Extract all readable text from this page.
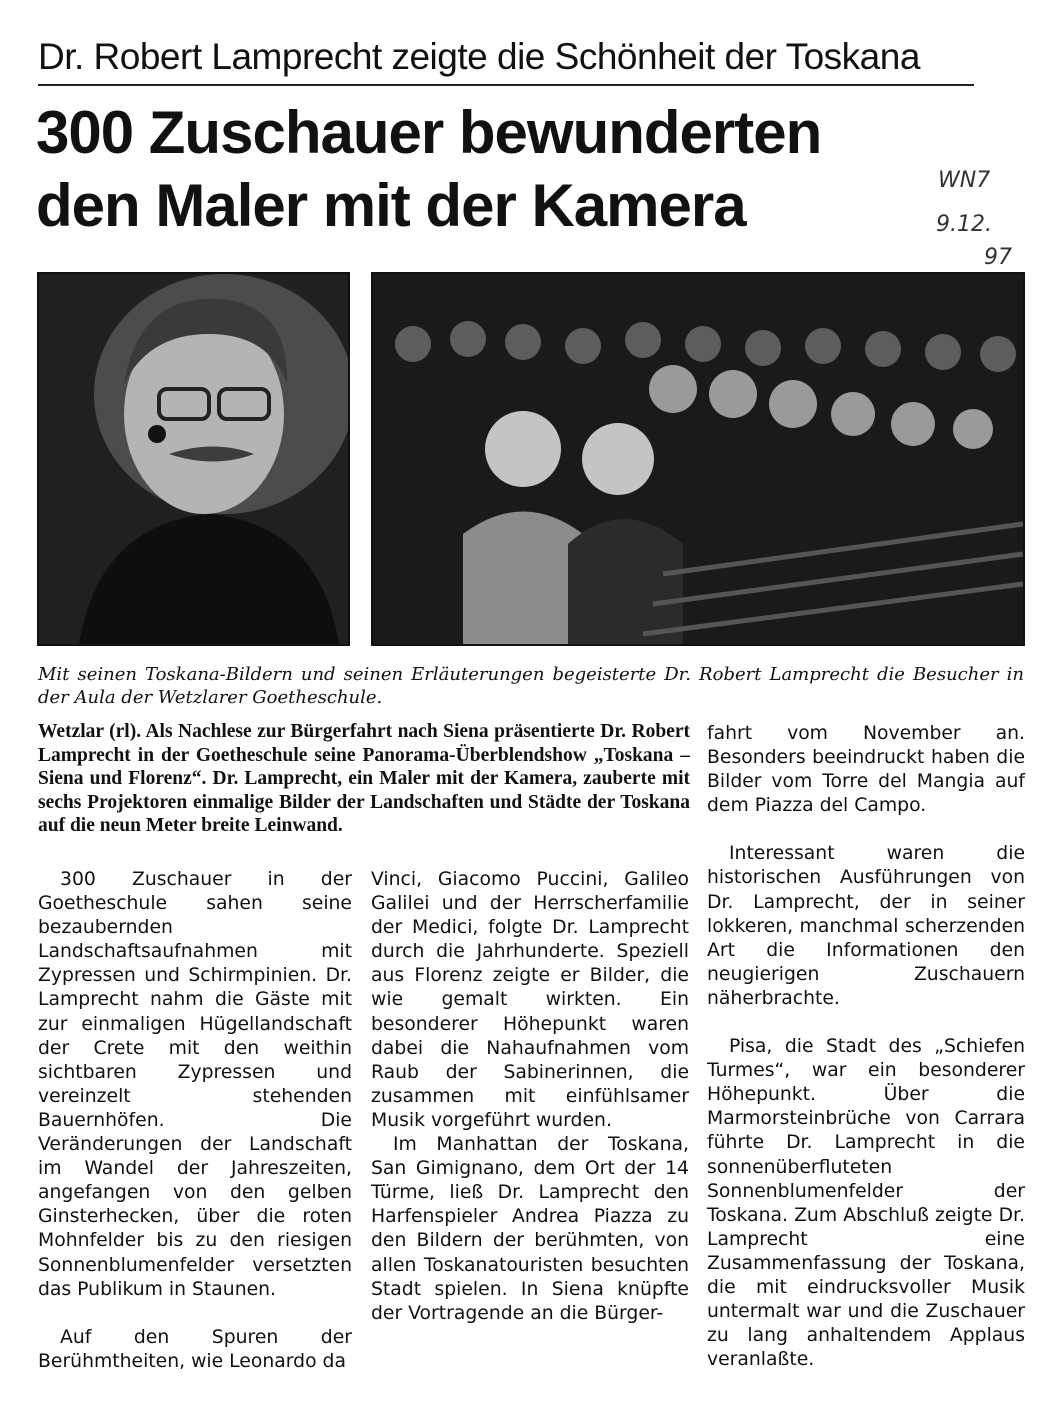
Dr. Robert Lamprecht zeigte die Schönheit der Toskana
300 Zuschauer bewunderten
den Maler mit der Kamera	WN7
9.12.
97
Mit seinen Toskana-Bildern und seinen Erläuterungen begeisterte Dr. Robert Lamprecht die Besucher in der Aula der Wetzlarer Goetheschule.
Wetzlar (rl). Als Nachlese zur Bürgerfahrt nach Siena präsentierte Dr. Robert Lamprecht in der Goetheschule seine Panorama-Überblendshow „Toskana – Siena und Florenz“. Dr. Lamprecht, ein Maler mit der Kamera, zauberte mit sechs Projektoren einmalige Bilder der Landschaften und Städte der Toskana auf die neun Meter breite Leinwand.

300 Zuschauer in der Goetheschule sahen seine bezaubernden Landschaftsaufnahmen mit Zypressen und Schirmpinien. Dr. Lamprecht nahm die Gäste mit zur einmaligen Hügellandschaft der Crete mit den weithin sichtbaren Zypressen und vereinzelt stehenden Bauernhöfen. Die Veränderungen der Landschaft im Wandel der Jahreszeiten, angefangen von den gelben Ginsterhecken, über die roten Mohnfelder bis zu den riesigen Sonnenblumenfelder versetzten das Publikum in Staunen.

Auf den Spuren der Berühmtheiten, wie Leonardo da

Vinci, Giacomo Puccini, Galileo Galilei und der Herrscherfamilie der Medici, folgte Dr. Lamprecht durch die Jahrhunderte. Speziell aus Florenz zeigte er Bilder, die wie gemalt wirkten. Ein besonderer Höhepunkt waren dabei die Nahaufnahmen vom Raub der Sabinerinnen, die zusammen mit einfühlsamer Musik vorgeführt wurden.

Im Manhattan der Toskana, San Gimignano, dem Ort der 14 Türme, ließ Dr. Lamprecht den Harfenspieler Andrea Piazza zu den Bildern der berühmten, von allen Toskanatouristen besuchten Stadt spielen. In Siena knüpfte der Vortragende an die Bürger-

fahrt vom November an. Besonders beeindruckt haben die Bilder vom Torre del Mangia auf dem Piazza del Campo.

Interessant waren die historischen Ausführungen von Dr. Lamprecht, der in seiner lokkeren, manchmal scherzenden Art die Informationen den neugierigen Zuschauern näherbrachte.

Pisa, die Stadt des „Schiefen Turmes“, war ein besonderer Höhepunkt. Über die Marmorsteinbrüche von Carrara führte Dr. Lamprecht in die sonnenüberfluteten Sonnenblumenfelder der Toskana. Zum Abschluß zeigte Dr. Lamprecht eine Zusammenfassung der Toskana, die mit eindrucksvoller Musik untermalt war und die Zuschauer zu lang anhaltendem Applaus veranlaßte.
